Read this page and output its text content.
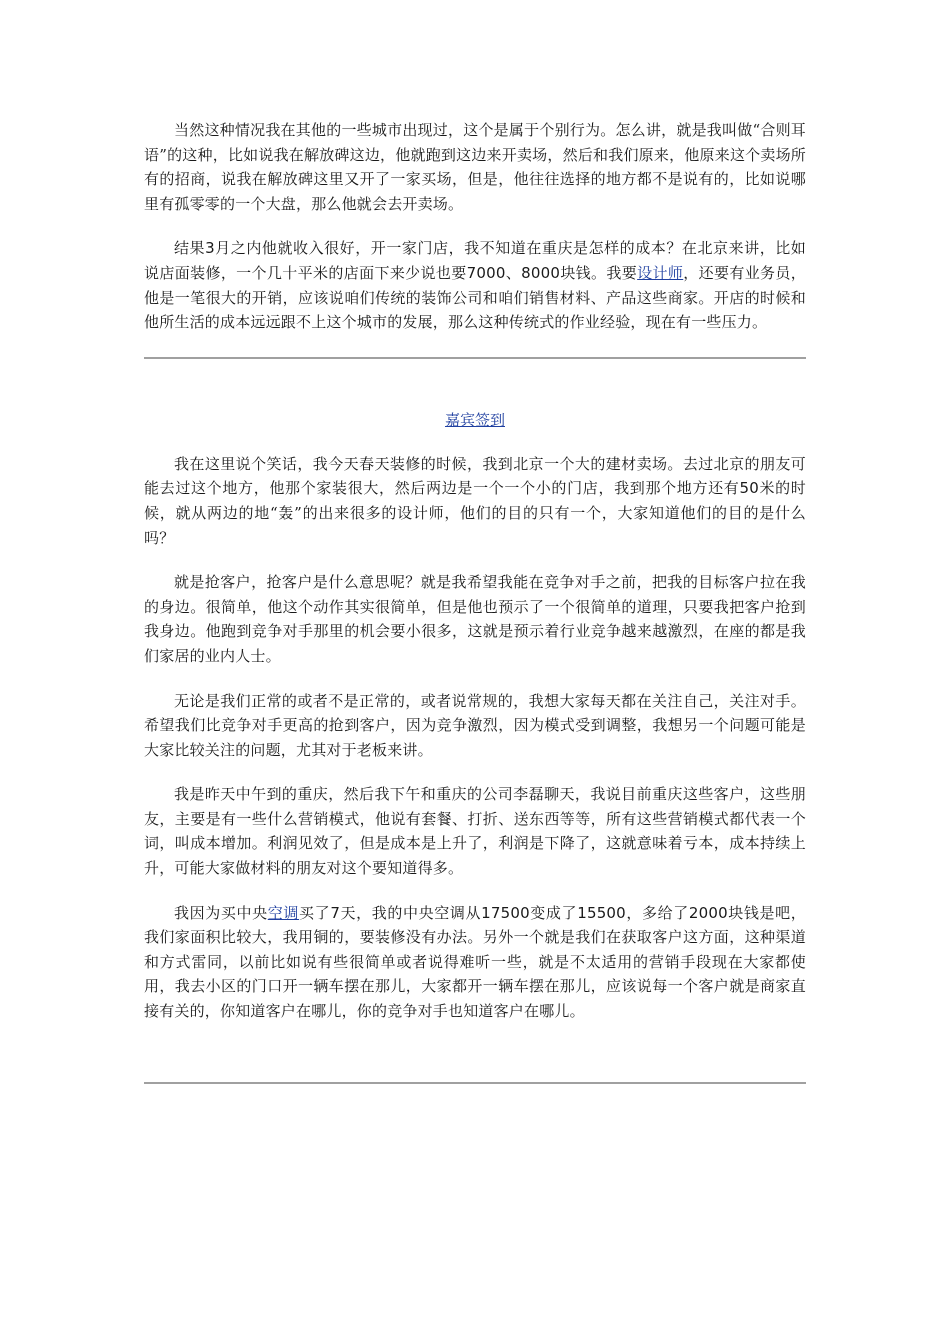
当然这种情况我在其他的一些城市出现过，这个是属于个别行为。怎么讲，就是我叫做“合则耳语”的这种，比如说我在解放碑这边，他就跑到这边来开卖场，然后和我们原来，他原来这个卖场所有的招商，说我在解放碑这里又开了一家买场，但是，他往往选择的地方都不是说有的，比如说哪里有孤零零的一个大盘，那么他就会去开卖场。

结果3月之内他就收入很好，开一家门店，我不知道在重庆是怎样的成本？在北京来讲，比如说店面装修，一个几十平米的店面下来少说也要7000、8000块钱。我要设计师，还要有业务员，他是一笔很大的开销，应该说咱们传统的装饰公司和咱们销售材料、产品这些商家。开店的时候和他所生活的成本远远跟不上这个城市的发展，那么这种传统式的作业经验，现在有一些压力。

嘉宾签到

我在这里说个笑话，我今天春天装修的时候，我到北京一个大的建材卖场。去过北京的朋友可能去过这个地方，他那个家装很大，然后两边是一个一个小的门店，我到那个地方还有50米的时候，就从两边的地“轰”的出来很多的设计师，他们的目的只有一个，大家知道他们的目的是什么吗？

就是抢客户，抢客户是什么意思呢？就是我希望我能在竞争对手之前，把我的目标客户拉在我的身边。很简单，他这个动作其实很简单，但是他也预示了一个很简单的道理，只要我把客户抢到我身边。他跑到竞争对手那里的机会要小很多，这就是预示着行业竞争越来越激烈，在座的都是我们家居的业内人士。

无论是我们正常的或者不是正常的，或者说常规的，我想大家每天都在关注自己，关注对手。希望我们比竞争对手更高的抢到客户，因为竞争激烈，因为模式受到调整，我想另一个问题可能是大家比较关注的问题，尤其对于老板来讲。

我是昨天中午到的重庆，然后我下午和重庆的公司李磊聊天，我说目前重庆这些客户，这些朋友，主要是有一些什么营销模式，他说有套餐、打折、送东西等等，所有这些营销模式都代表一个词，叫成本增加。利润见效了，但是成本是上升了，利润是下降了，这就意味着亏本，成本持续上升，可能大家做材料的朋友对这个要知道得多。

我因为买中央空调买了7天，我的中央空调从17500变成了15500，多给了2000块钱是吧，我们家面积比较大，我用铜的，要装修没有办法。另外一个就是我们在获取客户这方面，这种渠道和方式雷同，以前比如说有些很简单或者说得难听一些，就是不太适用的营销手段现在大家都使用，我去小区的门口开一辆车摆在那儿，大家都开一辆车摆在那儿，应该说每一个客户就是商家直接有关的，你知道客户在哪儿，你的竞争对手也知道客户在哪儿。
